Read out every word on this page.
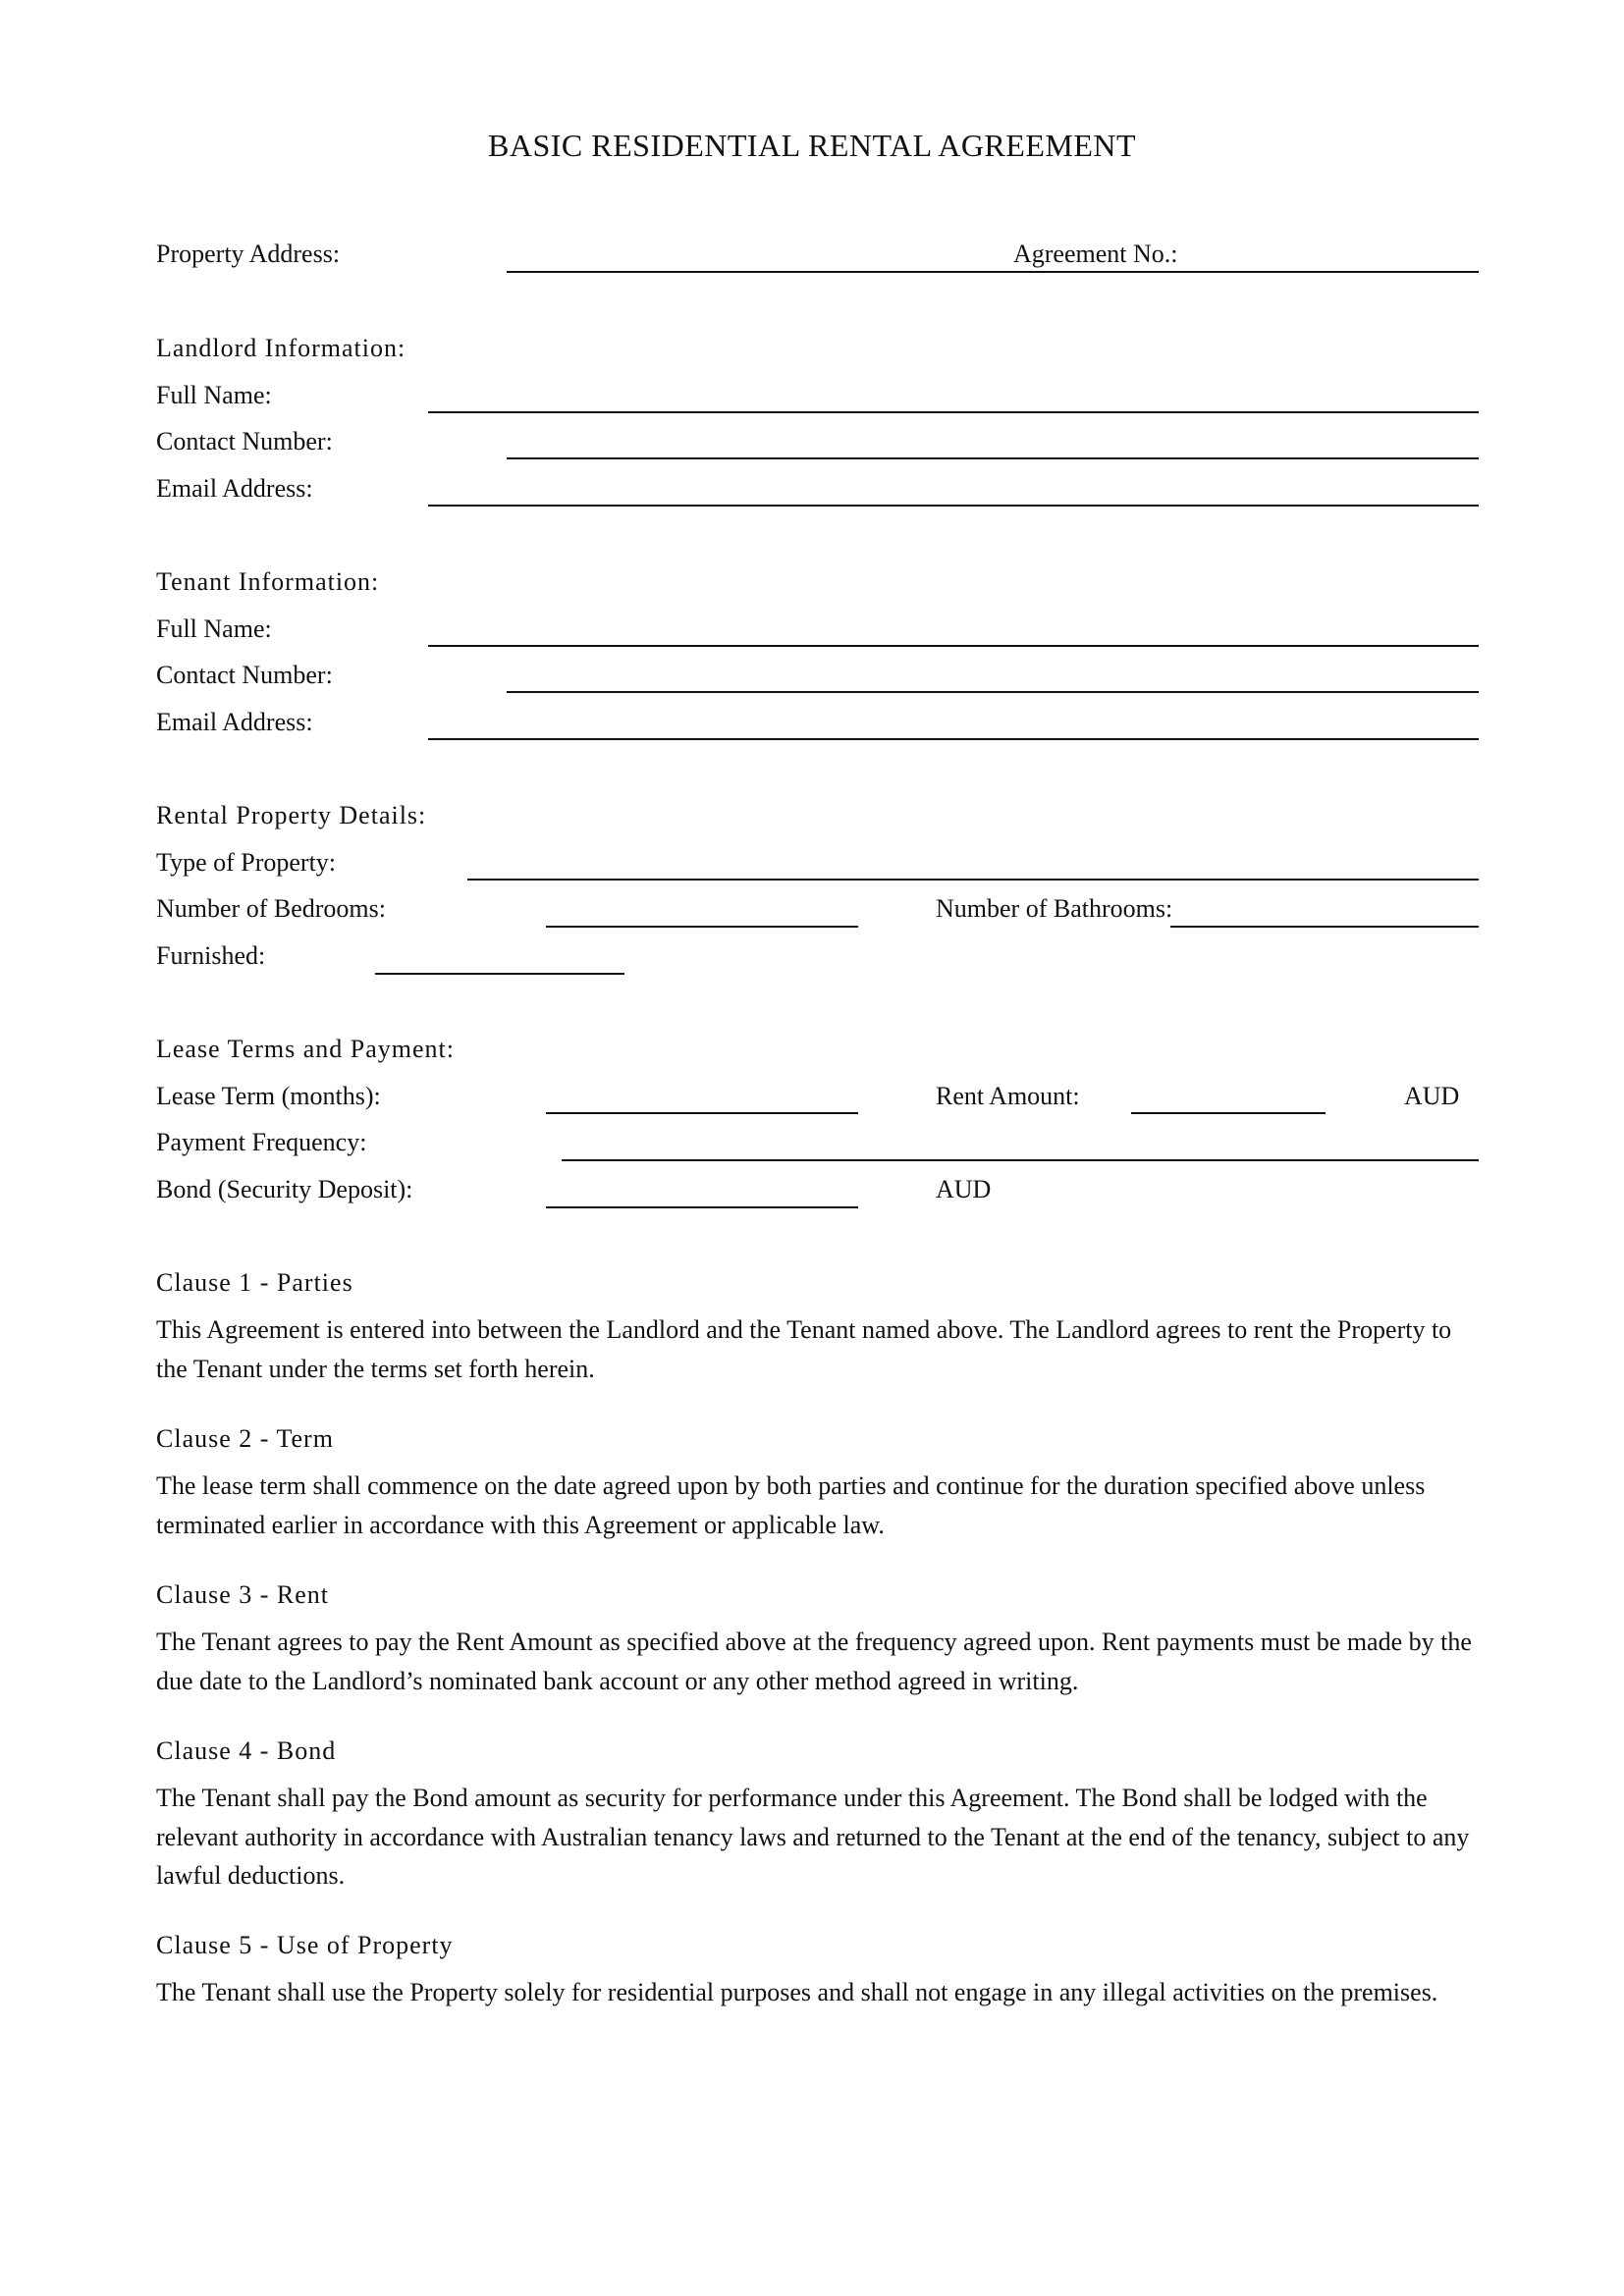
BASIC RESIDENTIAL RENTAL AGREEMENT
Property Address:	Agreement No.:
Landlord Information:
Full Name:
Contact Number:
Email Address:
Tenant Information:
Full Name:
Contact Number:
Email Address:
Rental Property Details:
Type of Property:
Number of Bedrooms:	Number of Bathrooms:
Furnished:
Lease Terms and Payment:
Lease Term (months):	Rent Amount:	AUD
Payment Frequency:
Bond (Security Deposit):	AUD
Clause 1 - Parties
This Agreement is entered into between the Landlord and the Tenant named above. The Landlord agrees to rent the Property to the Tenant under the terms set forth herein.
Clause 2 - Term
The lease term shall commence on the date agreed upon by both parties and continue for the duration specified above unless terminated earlier in accordance with this Agreement or applicable law.
Clause 3 - Rent
The Tenant agrees to pay the Rent Amount as specified above at the frequency agreed upon. Rent payments must be made by the due date to the Landlord’s nominated bank account or any other method agreed in writing.
Clause 4 - Bond
The Tenant shall pay the Bond amount as security for performance under this Agreement. The Bond shall be lodged with the relevant authority in accordance with Australian tenancy laws and returned to the Tenant at the end of the tenancy, subject to any lawful deductions.
Clause 5 - Use of Property
The Tenant shall use the Property solely for residential purposes and shall not engage in any illegal activities on the premises.
